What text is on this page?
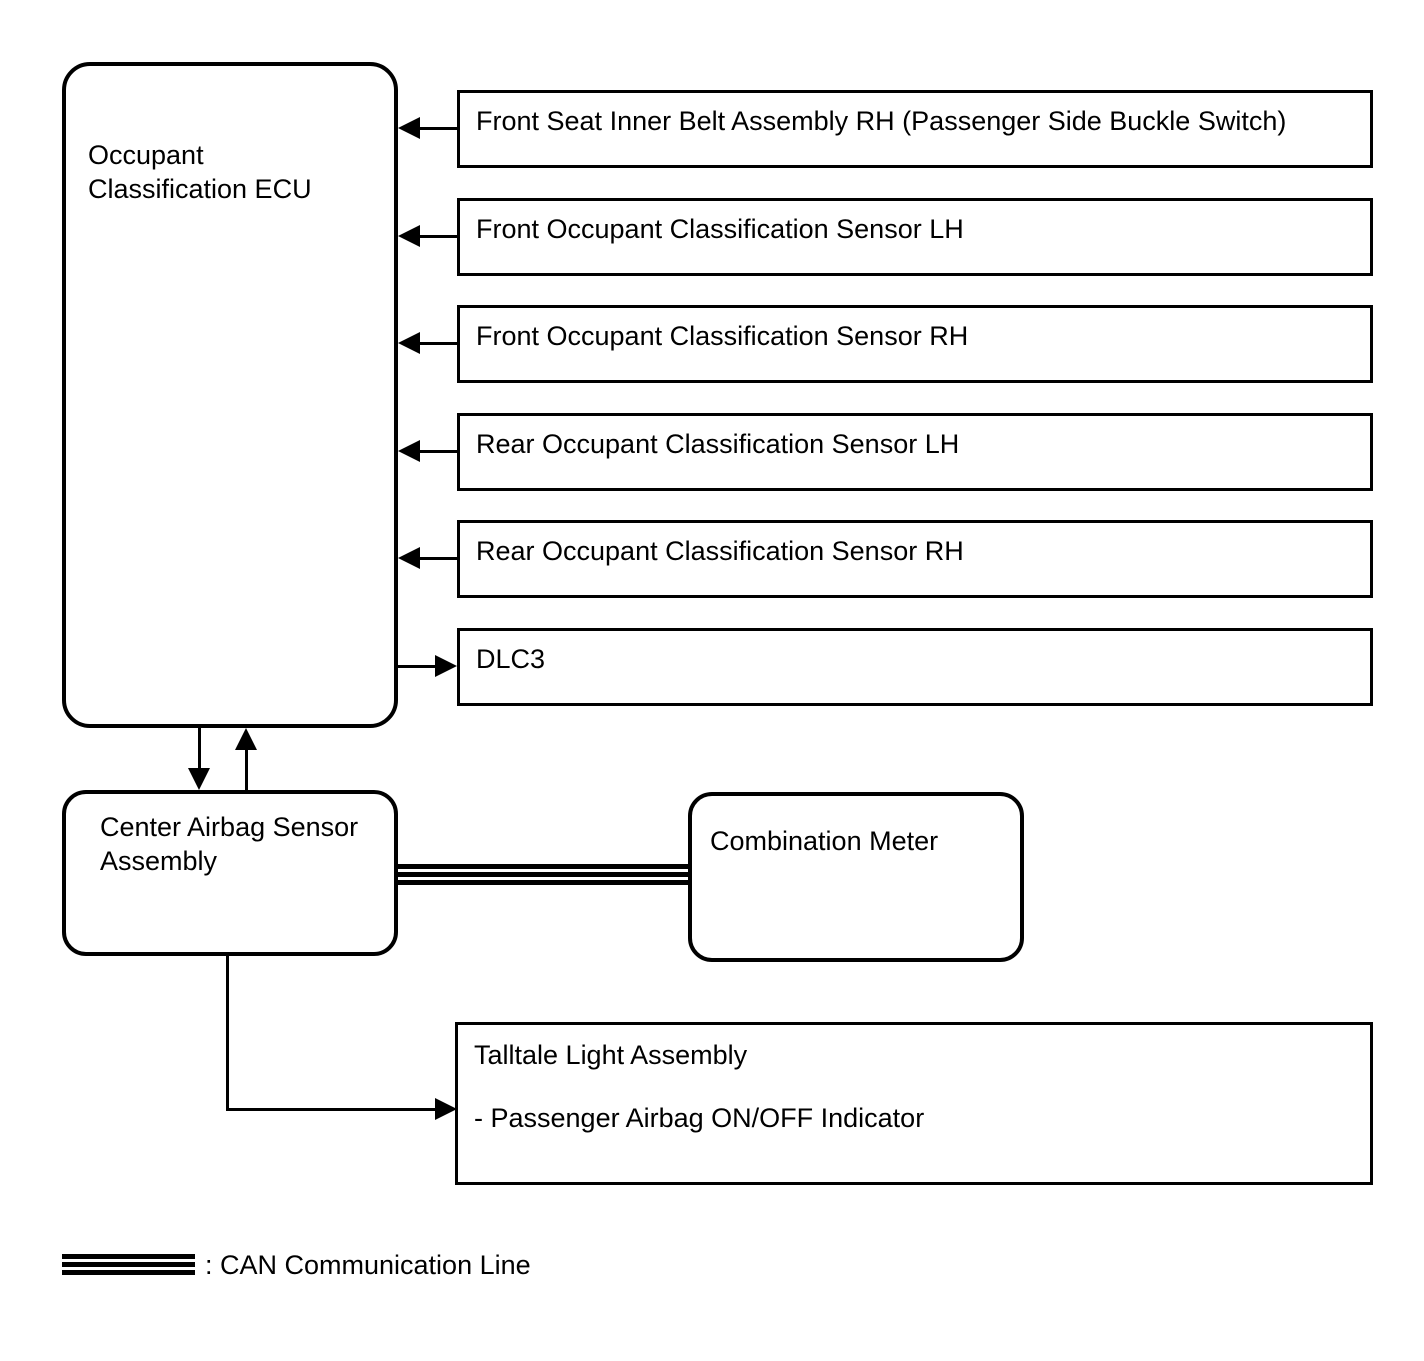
Occupant Classification ECU
Front Seat Inner Belt Assembly RH (Passenger Side Buckle Switch)
Front Occupant Classification Sensor LH
Front Occupant Classification Sensor RH
Rear Occupant Classification Sensor LH
Rear Occupant Classification Sensor RH
DLC3
Center Airbag Sensor Assembly
Combination Meter
Talltale Light Assembly
- Passenger Airbag ON/OFF Indicator
: CAN Communication Line
